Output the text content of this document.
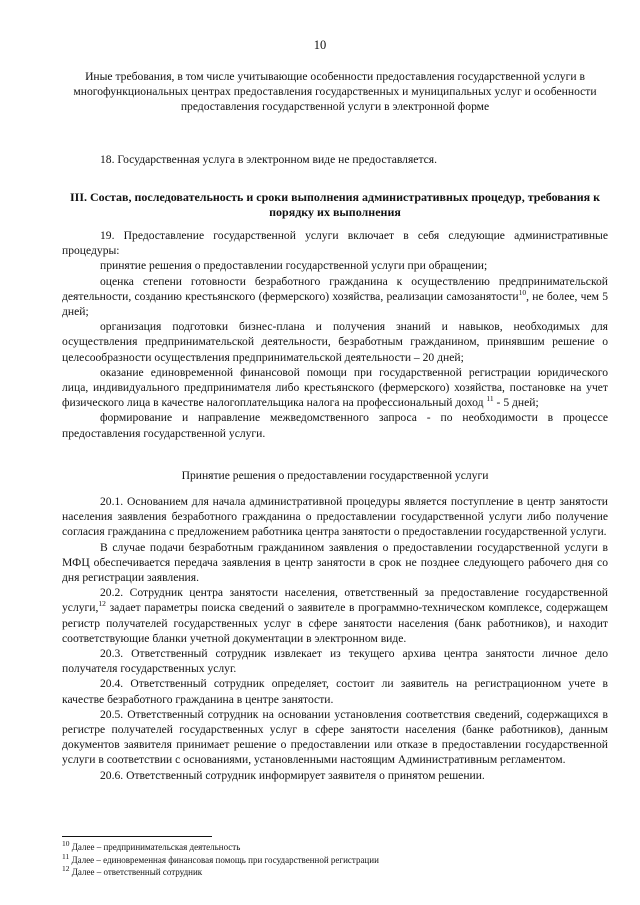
10
Иные требования, в том числе учитывающие особенности предоставления государственной услуги в многофункциональных центрах предоставления государственных и муниципальных услуг и особенности предоставления государственной услуги в электронной форме

18. Государственная услуга в электронном виде не предоставляется.

III. Состав, последовательность и сроки выполнения административных процедур, требования к порядку их выполнения

19. Предоставление государственной услуги включает в себя следующие административные процедуры:

принятие решения о предоставлении государственной услуги при обращении;

оценка степени готовности безработного гражданина к осуществлению предпринимательской деятельности, созданию крестьянского (фермерского) хозяйства, реализации самозанятости$^{10}$, не более, чем 5 дней;

организация подготовки бизнес-плана и получения знаний и навыков, необходимых для осуществления предпринимательской деятельности, безработным гражданином, принявшим решение о целесообразности осуществления предпринимательской деятельности – 20 дней;

оказание единовременной финансовой помощи при государственной регистрации юридического лица, индивидуального предпринимателя либо крестьянского (фермерского) хозяйства, постановке на учет физического лица в качестве налогоплательщика налога на профессиональный доход $^{11}$ - 5 дней;

формирование и направление межведомственного запроса - по необходимости в процессе предоставления государственной услуги.

Принятие решения о предоставлении государственной услуги

20.1. Основанием для начала административной процедуры является поступление в центр занятости населения заявления безработного гражданина о предоставлении государственной услуги либо получение согласия гражданина с предложением работника центра занятости о предоставлении государственной услуги.

В случае подачи безработным гражданином заявления о предоставлении государственной услуги в МФЦ обеспечивается передача заявления в центр занятости в срок не позднее следующего рабочего дня со дня регистрации заявления.

20.2. Сотрудник центра занятости населения, ответственный за предоставление государственной услуги,$^{12}$ задает параметры поиска сведений о заявителе в программно-техническом комплексе, содержащем регистр получателей государственных услуг в сфере занятости населения (банк работников), и находит соответствующие бланки учетной документации в электронном виде.

20.3. Ответственный сотрудник извлекает из текущего архива центра занятости личное дело получателя государственных услуг.

20.4. Ответственный сотрудник определяет, состоит ли заявитель на регистрационном учете в качестве безработного гражданина в центре занятости.

20.5. Ответственный сотрудник на основании установления соответствия сведений, содержащихся в регистре получателей государственных услуг в сфере занятости населения (банке работников), данным документов заявителя принимает решение о предоставлении или отказе в предоставлении государственной услуги в соответствии с основаниями, установленными настоящим Административным регламентом.

20.6. Ответственный сотрудник информирует заявителя о принятом решении.

$^{10}$ Далее – предпринимательская деятельность
$^{11}$ Далее – единовременная финансовая помощь при государственной регистрации
$^{12}$ Далее – ответственный сотрудник
